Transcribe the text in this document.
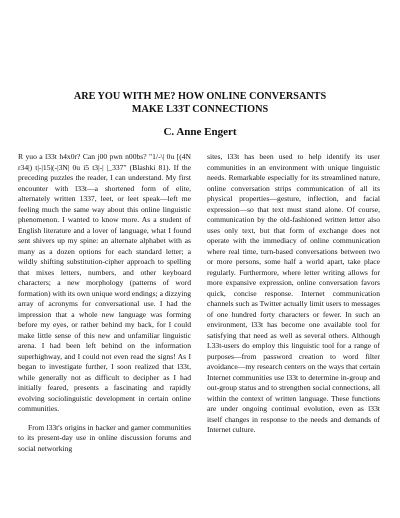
ARE YOU WITH ME? HOW ONLINE CONVERSANTS
MAKE L33T CONNECTIONS
C. Anne Engert

R yuo a l33t h4x0r? Can j00 pwn n00bs? "1/-\| 0u [(4N r34|) t|-|15|(-|3N| 0u i5 t3|-| |_337" (Blashki 81). If the preceding puzzles the reader, I can understand. My first encounter with l33t—a shortened form of elite, alternately written 1337, leet, or leet speak—left me feeling much the same way about this online linguistic phenomenon. I wanted to know more. As a student of English literature and a lover of language, what I found sent shivers up my spine: an alternate alphabet with as many as a dozen options for each standard letter; a wildly shifting substitution-cipher approach to spelling that mixes letters, numbers, and other keyboard characters; a new morphology (patterns of word formation) with its own unique word endings; a dizzying array of acronyms for conversational use. I had the impression that a whole new language was forming before my eyes, or rather behind my back, for I could make little sense of this new and unfamiliar linguistic arena. I had been left behind on the information superhighway, and I could not even read the signs! As I began to investigate further, I soon realized that l33t, while generally not as difficult to decipher as I had initially feared, presents a fascinating and rapidly evolving sociolinguistic development in certain online communities.

From l33t's origins in hacker and gamer communities to its present-day use in online discussion forums and social networking

sites, l33t has been used to help identify its user communities in an environment with unique linguistic needs. Remarkable especially for its streamlined nature, online conversation strips communication of all its physical properties—gesture, inflection, and facial expression—so that text must stand alone. Of course, communication by the old-fashioned written letter also uses only text, but that form of exchange does not operate with the immediacy of online communication where real time, turn-based conversations between two or more persons, some half a world apart, take place regularly. Furthermore, where letter writing allows for more expansive expression, online conversation favors quick, concise response. Internet communication channels such as Twitter actually limit users to messages of one hundred forty characters or fewer. In such an environment, l33t has become one available tool for satisfying that need as well as several others. Although L33t-users do employ this linguistic tool for a range of purposes—from password creation to word filter avoidance—my research centers on the ways that certain Internet communities use l33t to determine in-group and out-group status and to strengthen social connections, all within the context of written language. These functions are under ongoing continual evolution, even as l33t itself changes in response to the needs and demands of Internet culture.
